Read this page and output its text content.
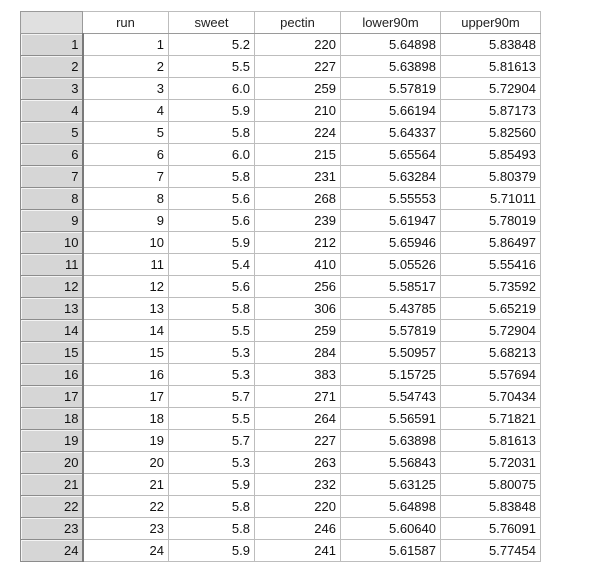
	run	sweet	pectin	lower90m	upper90m
1	1	5.2	220	5.64898	5.83848
2	2	5.5	227	5.63898	5.81613
3	3	6.0	259	5.57819	5.72904
4	4	5.9	210	5.66194	5.87173
5	5	5.8	224	5.64337	5.82560
6	6	6.0	215	5.65564	5.85493
7	7	5.8	231	5.63284	5.80379
8	8	5.6	268	5.55553	5.71011
9	9	5.6	239	5.61947	5.78019
10	10	5.9	212	5.65946	5.86497
11	11	5.4	410	5.05526	5.55416
12	12	5.6	256	5.58517	5.73592
13	13	5.8	306	5.43785	5.65219
14	14	5.5	259	5.57819	5.72904
15	15	5.3	284	5.50957	5.68213
16	16	5.3	383	5.15725	5.57694
17	17	5.7	271	5.54743	5.70434
18	18	5.5	264	5.56591	5.71821
19	19	5.7	227	5.63898	5.81613
20	20	5.3	263	5.56843	5.72031
21	21	5.9	232	5.63125	5.80075
22	22	5.8	220	5.64898	5.83848
23	23	5.8	246	5.60640	5.76091
24	24	5.9	241	5.61587	5.77454
